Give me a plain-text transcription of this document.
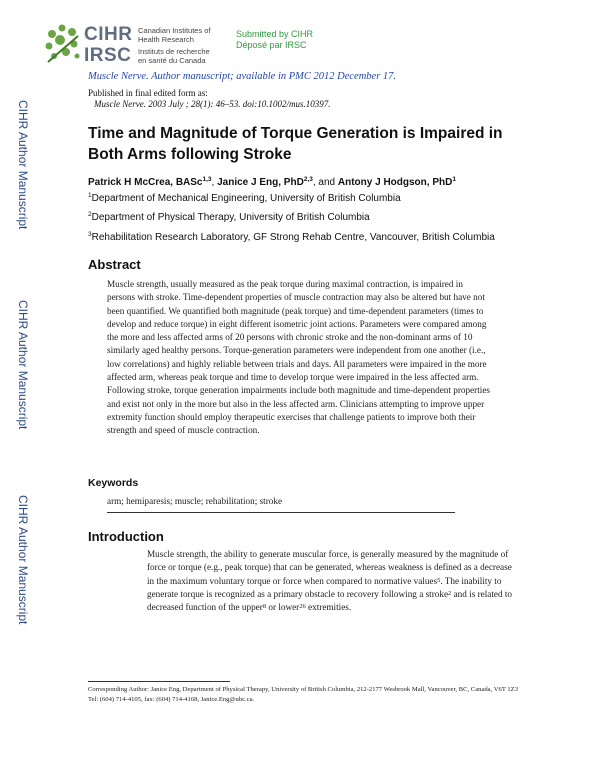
CIHR
IRSC
Canadian Institutes of
Health Research
Instituts de recherche
en santé du Canada
Submitted by CIHR
Déposé par IRSC
Muscle Nerve. Author manuscript; available in PMC 2012 December 17.
Published in final edited form as:
Muscle Nerve. 2003 July ; 28(1): 46–53. doi:10.1002/mus.10397.
CIHR Author Manuscript
CIHR Author Manuscript
CIHR Author Manuscript
Time and Magnitude of Torque Generation is Impaired in Both Arms following Stroke
Patrick H McCrea, BASc$^{1,3}$, Janice J Eng, PhD$^{2,3}$, and Antony J Hodgson, PhD$^1$
$^1$Department of Mechanical Engineering, University of British Columbia
$^2$Department of Physical Therapy, University of British Columbia
$^3$Rehabilitation Research Laboratory, GF Strong Rehab Centre, Vancouver, British Columbia
Abstract
Muscle strength, usually measured as the peak torque during maximal contraction, is impaired in persons with stroke. Time-dependent properties of muscle contraction may also be altered but have not been quantified. We quantified both magnitude (peak torque) and time-dependent parameters (times to develop and reduce torque) in eight different isometric joint actions. Parameters were compared among the more and less affected arms of 20 persons with chronic stroke and the non-dominant arms of 10 similarly aged healthy persons. Torque-generation parameters were independent from one another (i.e., low correlations) and highly reliable between trials and days. All parameters were impaired in the more affected arm, whereas peak torque and time to develop torque were impaired in the less affected arm. Following stroke, torque generation impairments include both magnitude and time-dependent properties and exist not only in the more but also in the less affected arm. Clinicians attempting to improve upper extremity function should employ therapeutic exercises that challenge patients to improve both their strength and speed of muscle contraction.
Keywords
arm; hemiparesis; muscle; rehabilitation; stroke
Introduction
Muscle strength, the ability to generate muscular force, is generally measured by the magnitude of force or torque (e.g., peak torque) that can be generated, whereas weakness is defined as a decrease in the maximum voluntary torque or force when compared to normative values$^5$. The inability to generate torque is recognized as a primary obstacle to recovery following a stroke$^2$ and is related to decreased function of the upper$^8$ or lower$^{26}$ extremities.
Corresponding Author: Janice Eng, Department of Physical Therapy, University of British Columbia, 212-2177 Wesbrook Mall, Vancouver, BC, Canada, V6T 1Z3 Tel: (604) 714-4105, fax: (604) 714-4168, Janice.Eng@ubc.ca.
